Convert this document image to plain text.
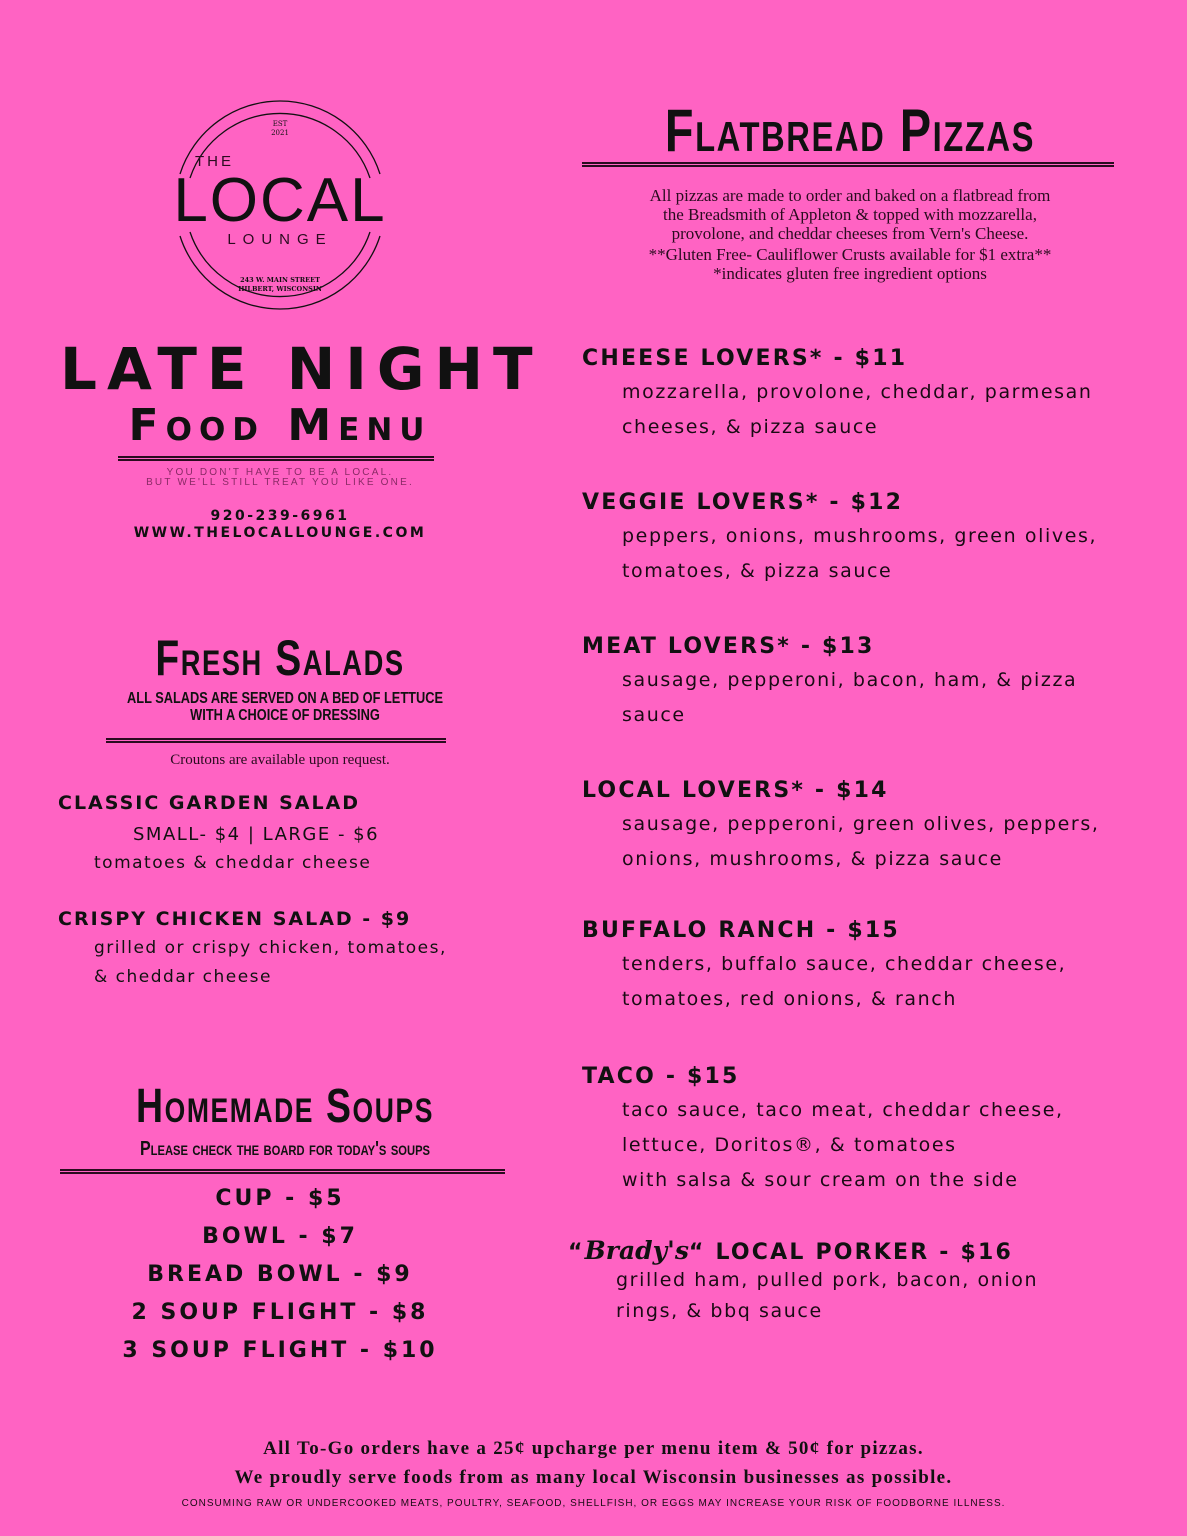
EST
2021
THE
LOCAL
LOUNGE
243 W. MAIN STREET
HILBERT, WISCONSIN
LATE NIGHT
Food Menu
YOU DON'T HAVE TO BE A LOCAL.
BUT WE'LL STILL TREAT YOU LIKE ONE.
920-239-6961
WWW.THELOCALLOUNGE.COM
Fresh Salads
ALL SALADS ARE SERVED ON A BED OF LETTUCE
WITH A CHOICE OF DRESSING
Croutons are available upon request.
CLASSIC GARDEN SALAD
SMALL- $4 | LARGE - $6
tomatoes & cheddar cheese
CRISPY CHICKEN SALAD - $9
grilled or crispy chicken, tomatoes,
& cheddar cheese
Homemade Soups
Please check the board for today's soups
CUP - $5
BOWL - $7
BREAD BOWL - $9
2 SOUP FLIGHT - $8
3 SOUP FLIGHT - $10
Flatbread Pizzas
All pizzas are made to order and baked on a flatbread from
the Breadsmith of Appleton & topped with mozzarella,
provolone, and cheddar cheeses from Vern's Cheese.
**Gluten Free- Cauliflower Crusts available for $1 extra**
*indicates gluten free ingredient options
CHEESE LOVERS* - $11
mozzarella, provolone, cheddar, parmesan
cheeses, & pizza sauce
VEGGIE LOVERS* - $12
peppers, onions, mushrooms, green olives,
tomatoes, & pizza sauce
MEAT LOVERS* - $13
sausage, pepperoni, bacon, ham, & pizza
sauce
LOCAL LOVERS* - $14
sausage, pepperoni, green olives, peppers,
onions, mushrooms, & pizza sauce
BUFFALO RANCH - $15
tenders, buffalo sauce, cheddar cheese,
tomatoes, red onions, & ranch
TACO - $15
taco sauce, taco meat, cheddar cheese,
lettuce, Doritos®, & tomatoes
with salsa & sour cream on the side
“Brady's“ LOCAL PORKER - $16
grilled ham, pulled pork, bacon, onion
rings, & bbq sauce
All To-Go orders have a 25¢ upcharge per menu item & 50¢ for pizzas.
We proudly serve foods from as many local Wisconsin businesses as possible.
CONSUMING RAW OR UNDERCOOKED MEATS, POULTRY, SEAFOOD, SHELLFISH, OR EGGS MAY INCREASE YOUR RISK OF FOODBORNE ILLNESS.
